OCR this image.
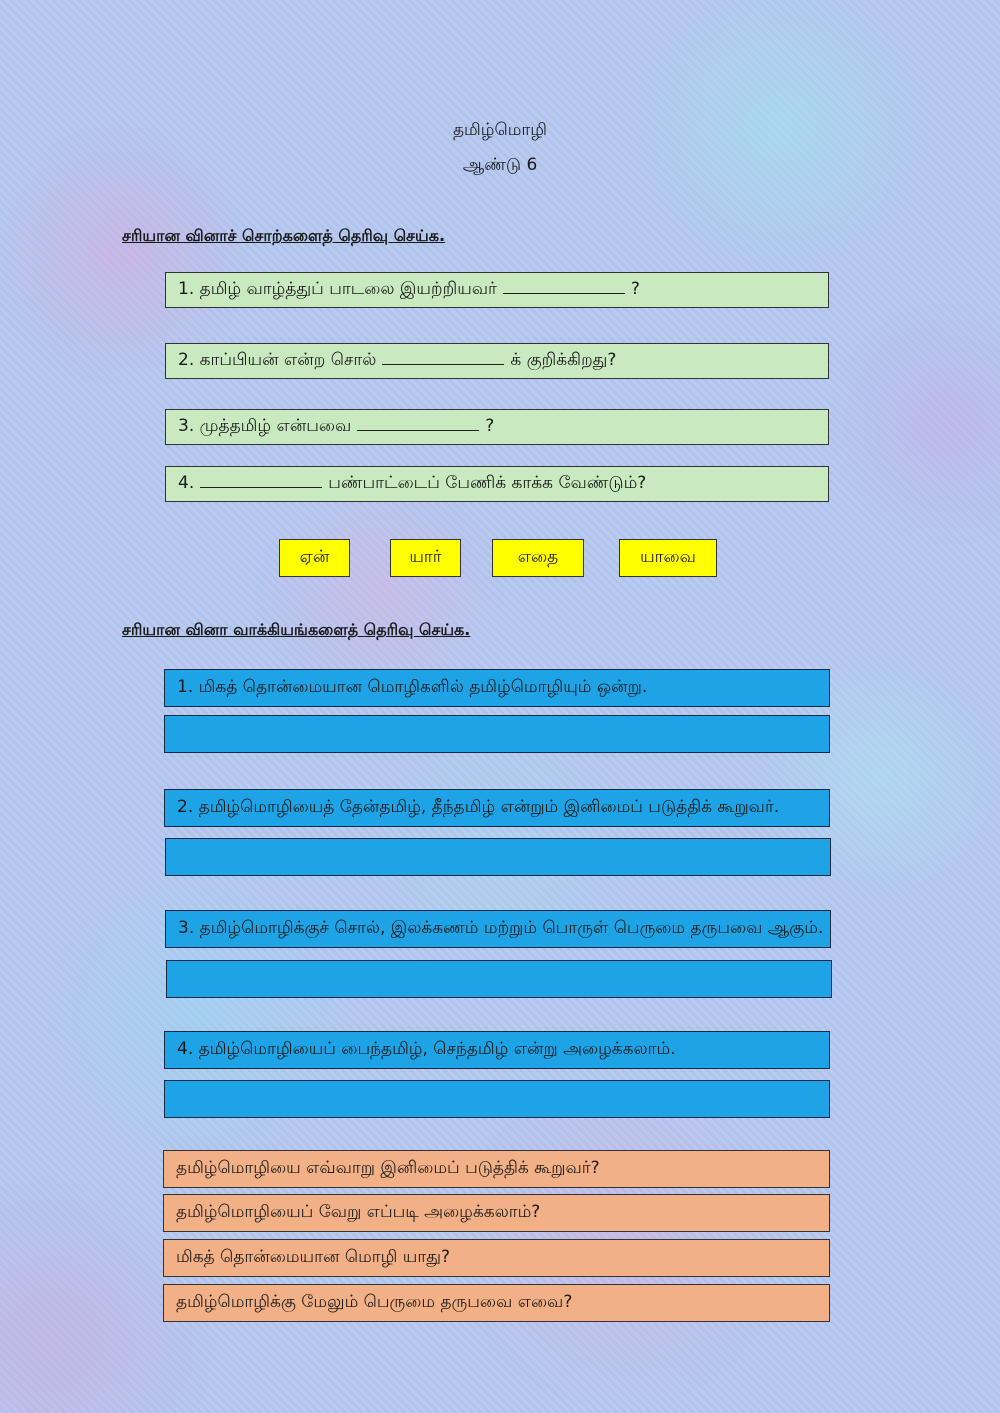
தமிழ்மொழி
ஆண்டு 6
சரியான வினாச் சொற்களைத் தெரிவு செய்க.
1. தமிழ் வாழ்த்துப் பாடலை இயற்றியவர்	?
2. காப்பியன் என்ற சொல்	க் குறிக்கிறது?
3. முத்தமிழ் என்பவை	?
4.	பண்பாட்டைப் பேணிக் காக்க வேண்டும்?
ஏன்	யார்	எதை	யாவை
சரியான வினா வாக்கியங்களைத் தெரிவு செய்க.
1. மிகத் தொன்மையான மொழிகளில் தமிழ்மொழியும் ஒன்று.
2. தமிழ்மொழியைத் தேன்தமிழ், தீந்தமிழ் என்றும் இனிமைப் படுத்திக் கூறுவர்.
3. தமிழ்மொழிக்குச் சொல், இலக்கணம் மற்றும் பொருள் பெருமை தருபவை ஆகும்.
4. தமிழ்மொழியைப் பைந்தமிழ், செந்தமிழ் என்று அழைக்கலாம்.
தமிழ்மொழியை எவ்வாறு இனிமைப் படுத்திக் கூறுவர்?
தமிழ்மொழியைப் வேறு எப்படி அழைக்கலாம்?
மிகத் தொன்மையான மொழி யாது?
தமிழ்மொழிக்கு மேலும் பெருமை தருபவை எவை?
